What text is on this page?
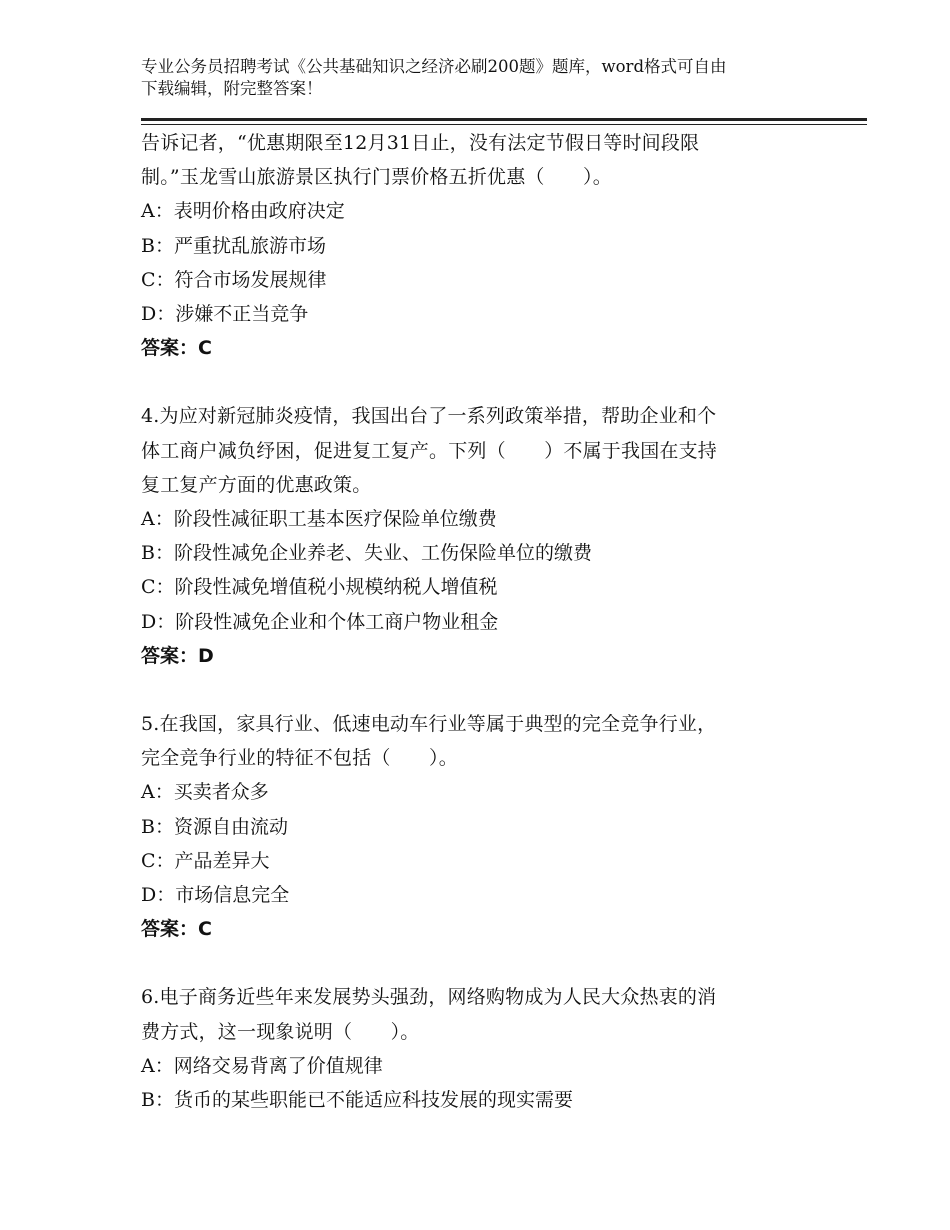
专业公务员招聘考试《公共基础知识之经济必刷200题》题库，word格式可自由
下载编辑，附完整答案！
告诉记者，“优惠期限至12月31日止，没有法定节假日等时间段限
制。”玉龙雪山旅游景区执行门票价格五折优惠（　　）。
A：表明价格由政府决定
B：严重扰乱旅游市场
C：符合市场发展规律
D：涉嫌不正当竞争
答案：C
4.为应对新冠肺炎疫情，我国出台了一系列政策举措，帮助企业和个
体工商户减负纾困，促进复工复产。下列（　　）不属于我国在支持
复工复产方面的优惠政策。
A：阶段性减征职工基本医疗保险单位缴费
B：阶段性减免企业养老、失业、工伤保险单位的缴费
C：阶段性减免增值税小规模纳税人增值税
D：阶段性减免企业和个体工商户物业租金
答案：D
5.在我国，家具行业、低速电动车行业等属于典型的完全竞争行业，
完全竞争行业的特征不包括（　　）。
A：买卖者众多
B：资源自由流动
C：产品差异大
D：市场信息完全
答案：C
6.电子商务近些年来发展势头强劲，网络购物成为人民大众热衷的消
费方式，这一现象说明（　　）。
A：网络交易背离了价值规律
B：货币的某些职能已不能适应科技发展的现实需要
